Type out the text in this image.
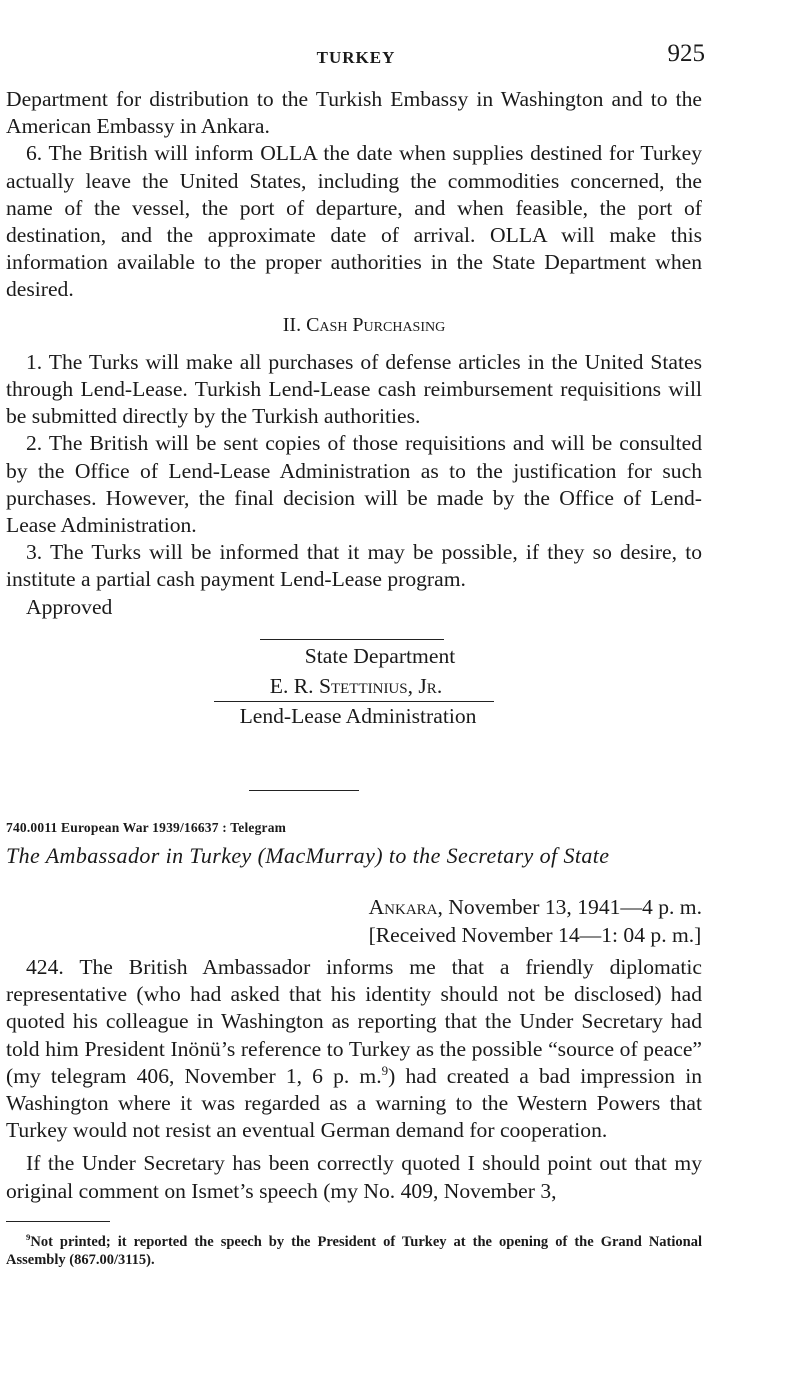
TURKEY	925

Department for distribution to the Turkish Embassy in Washington and to the American Embassy in Ankara.

6. The British will inform OLLA the date when supplies destined for Turkey actually leave the United States, including the commodities concerned, the name of the vessel, the port of departure, and when feasible, the port of destination, and the approximate date of arrival. OLLA will make this information available to the proper authorities in the State Department when desired.

II. Cash Purchasing

1. The Turks will make all purchases of defense articles in the United States through Lend-Lease. Turkish Lend-Lease cash reimbursement requisitions will be submitted directly by the Turkish authorities.

2. The British will be sent copies of those requisitions and will be consulted by the Office of Lend-Lease Administration as to the justification for such purchases. However, the final decision will be made by the Office of Lend-Lease Administration.

3. The Turks will be informed that it may be possible, if they so desire, to institute a partial cash payment Lend-Lease program.

Approved

State Department
E. R. Stettinius, Jr.
Lend-Lease Administration
740.0011 European War 1939/16637 : Telegram
The Ambassador in Turkey (MacMurray) to the Secretary of State
Ankara, November 13, 1941—4 p. m.
[Received November 14—1: 04 p. m.]

424. The British Ambassador informs me that a friendly diplomatic representative (who had asked that his identity should not be disclosed) had quoted his colleague in Washington as reporting that the Under Secretary had told him President Inönü’s reference to Turkey as the possible “source of peace” (my telegram 406, November 1, 6 p. m.$^9$) had created a bad impression in Washington where it was regarded as a warning to the Western Powers that Turkey would not resist an eventual German demand for cooperation.

If the Under Secretary has been correctly quoted I should point out that my original comment on Ismet’s speech (my No. 409, November 3,

$^9$Not printed; it reported the speech by the President of Turkey at the opening of the Grand National Assembly (867.00/3115).
